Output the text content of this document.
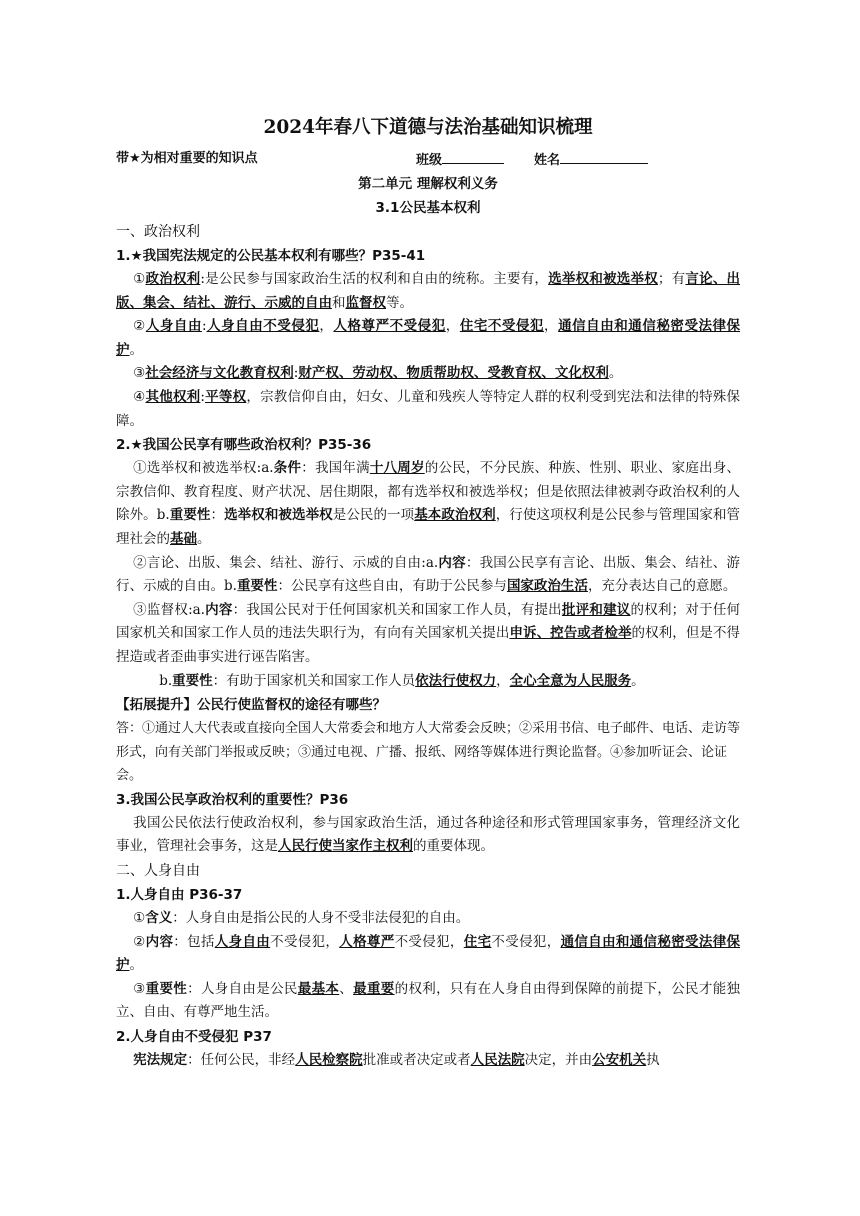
2024年春八下道德与法治基础知识梳理
带★为相对重要的知识点	班级	姓名
第二单元 理解权利义务
3.1公民基本权利
一、政治权利
1.★我国宪法规定的公民基本权利有哪些？P35-41

①政治权利:是公民参与国家政治生活的权利和自由的统称。主要有，选举权和被选举权；有言论、出版、集会、结社、游行、示威的自由和监督权等。

②人身自由:人身自由不受侵犯，人格尊严不受侵犯，住宅不受侵犯，通信自由和通信秘密受法律保护。

③社会经济与文化教育权利:财产权、劳动权、物质帮助权、受教育权、文化权利。

④其他权利:平等权，宗教信仰自由，妇女、儿童和残疾人等特定人群的权利受到宪法和法律的特殊保障。

2.★我国公民享有哪些政治权利？P35-36

①选举权和被选举权:a.条件：我国年满十八周岁的公民，不分民族、种族、性别、职业、家庭出身、宗教信仰、教育程度、财产状况、居住期限，都有选举权和被选举权；但是依照法律被剥夺政治权利的人除外。b.重要性：选举权和被选举权是公民的一项基本政治权利，行使这项权利是公民参与管理国家和管理社会的基础。

②言论、出版、集会、结社、游行、示威的自由:a.内容：我国公民享有言论、出版、集会、结社、游行、示威的自由。b.重要性：公民享有这些自由，有助于公民参与国家政治生活，充分表达自己的意愿。

③监督权:a.内容：我国公民对于任何国家机关和国家工作人员，有提出批评和建议的权利；对于任何国家机关和国家工作人员的违法失职行为，有向有关国家机关提出申诉、控告或者检举的权利，但是不得捏造或者歪曲事实进行诬告陷害。

b.重要性：有助于国家机关和国家工作人员依法行使权力，全心全意为人民服务。

【拓展提升】公民行使监督权的途径有哪些？

答：①通过人大代表或直接向全国人大常委会和地方人大常委会反映；②采用书信、电子邮件、电话、走访等形式，向有关部门举报或反映；③通过电视、广播、报纸、网络等媒体进行舆论监督。④参加听证会、论证会。

3.我国公民享政治权利的重要性？P36

我国公民依法行使政治权利，参与国家政治生活，通过各种途径和形式管理国家事务，管理经济文化事业，管理社会事务，这是人民行使当家作主权利的重要体现。

二、人身自由
1.人身自由 P36-37

①含义：人身自由是指公民的人身不受非法侵犯的自由。

②内容：包括人身自由不受侵犯，人格尊严不受侵犯，住宅不受侵犯，通信自由和通信秘密受法律保护。

③重要性：人身自由是公民最基本、最重要的权利，只有在人身自由得到保障的前提下，公民才能独立、自由、有尊严地生活。

2.人身自由不受侵犯 P37

宪法规定：任何公民，非经人民检察院批准或者决定或者人民法院决定，并由公安机关执
